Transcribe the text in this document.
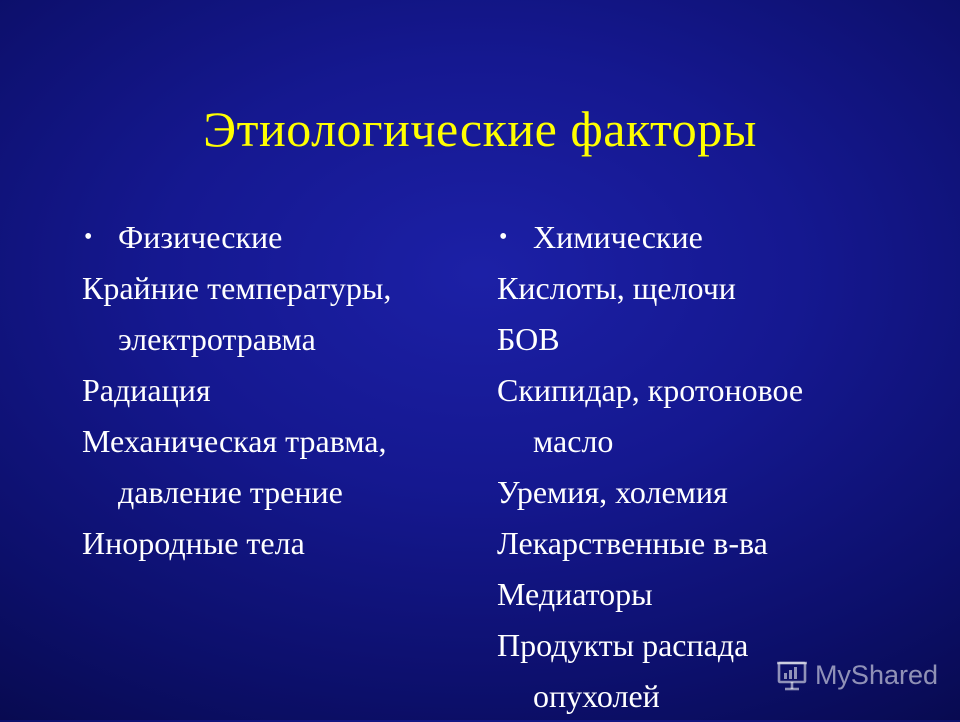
Этиологические факторы
• Физические
Крайние температуры,
электротравма
Радиация
Механическая травма,
давление трение
Инородные тела
• Химические
Кислоты, щелочи
БОВ
Скипидар, кротоновое
масло
Уремия, холемия
Лекарственные в-ва
Медиаторы
Продукты распада
опухолей
MyShared
